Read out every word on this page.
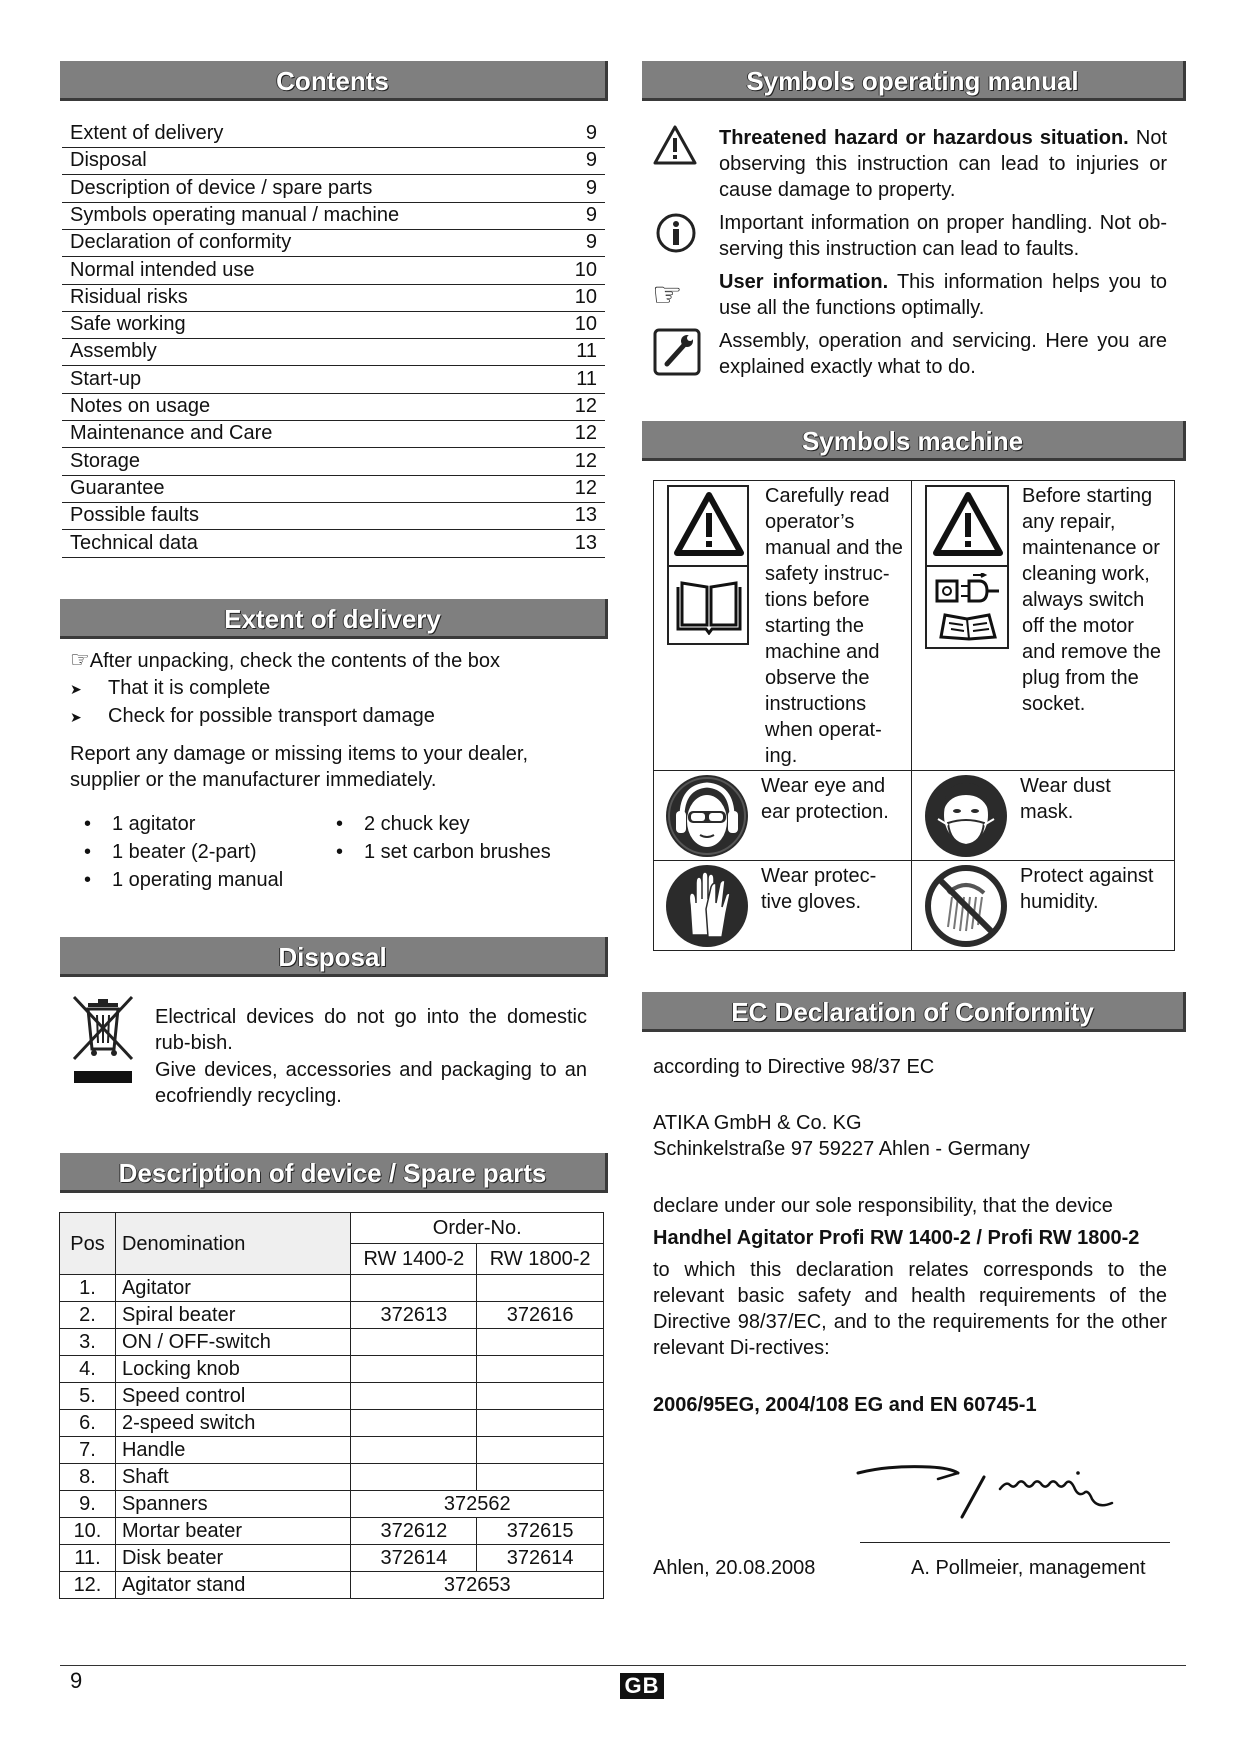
Contents
Extent of delivery	9
Disposal	9
Description of device / spare parts	9
Symbols operating manual / machine	9
Declaration of conformity	9
Normal intended use	10
Risidual risks	10
Safe working	10
Assembly	11
Start-up	11
Notes on usage	12
Maintenance and Care	12
Storage	12
Guarantee	12
Possible faults	13
Technical data	13
Extent of delivery
☞After unpacking, check the contents of the box
➤ That it is complete
➤ Check for possible transport damage
Report any damage or missing items to your dealer, supplier or the manufacturer immediately.
• 1 agitator
• 1 beater (2-part)
• 1 operating manual
• 2 chuck key
• 1 set carbon brushes
Disposal
Electrical devices do not go into the domestic rub-bish.
Give devices, accessories and packaging to an ecofriendly recycling.
Description of device / Spare parts
Pos	Denomination	Order-No.	
		RW 1400-2	RW 1800-2
1.	Agitator		
2.	Spiral beater	372613	372616
3.	ON / OFF-switch		
4.	Locking knob		
5.	Speed control		
6.	2-speed switch		
7.	Handle		
8.	Shaft		
9.	Spanners	372562	
10.	Mortar beater	372612	372615
11.	Disk beater	372614	372614
12.	Agitator stand	372653	
Symbols operating manual
Threatened hazard or hazardous situation. Not observing this instruction can lead to injuries or cause damage to property.
Important information on proper handling. Not ob-serving this instruction can lead to faults.
☞ User information. This information helps you to use all the functions optimally.
Assembly, operation and servicing. Here you are explained exactly what to do.
Symbols machine
Carefully read operator’s manual and the safety instruc-tions before starting the machine and observe the instructions when operat-ing.	Before starting any repair, maintenance or cleaning work, always switch off the motor and remove the plug from the socket.

Wear eye and ear protection.	Wear dust mask.

Wear protec-tive gloves.	Protect against humidity.
EC Declaration of Conformity
according to Directive 98/37 EC
ATIKA GmbH & Co. KG
Schinkelstraße 97 59227 Ahlen - Germany
declare under our sole responsibility, that the device
Handhel Agitator Profi RW 1400-2 / Profi RW 1800-2
to which this declaration relates corresponds to the relevant basic safety and health requirements of the Directive 98/37/EC, and to the requirements for the other relevant Di-rectives:
2006/95EG, 2004/108 EG and EN 60745-1
Ahlen, 20.08.2008	A. Pollmeier, management
9	GB
